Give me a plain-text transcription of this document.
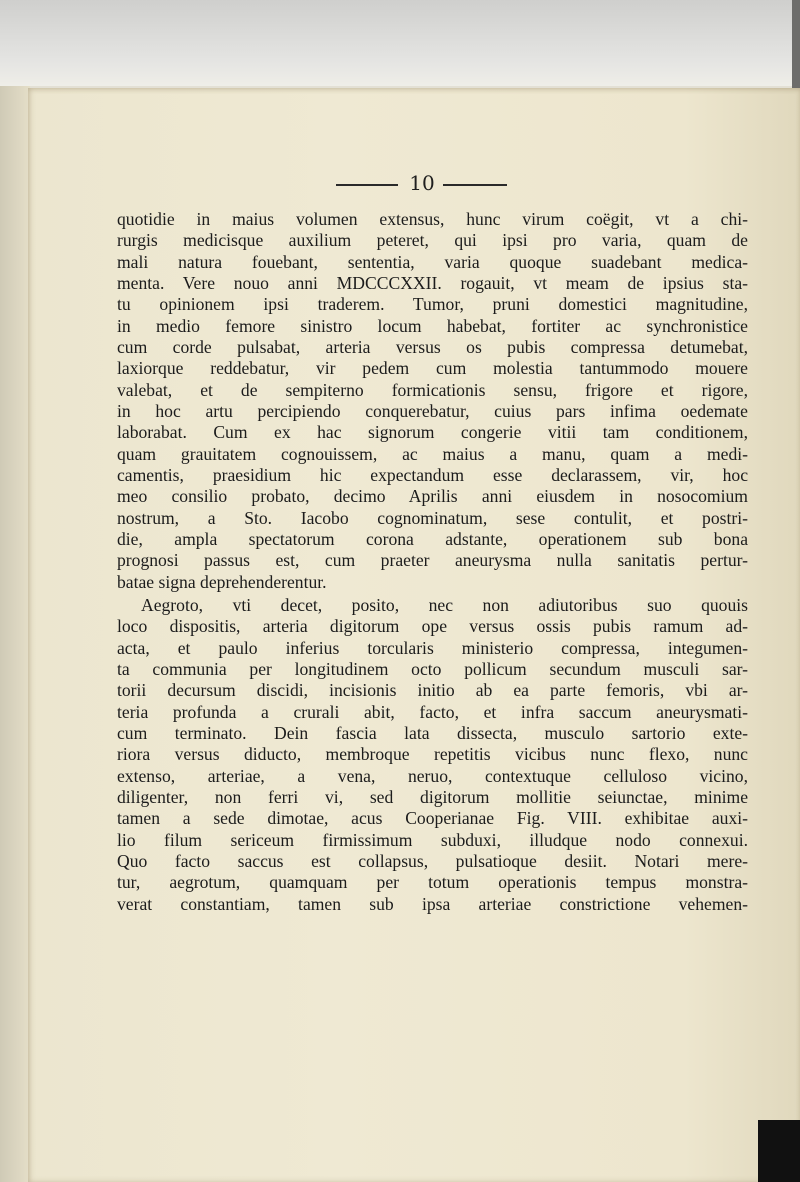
10
quotidie in maius volumen extensus, hunc virum coëgit, vt a chi-
rurgis medicisque auxilium peteret, qui ipsi pro varia, quam de
mali natura fouebant, sententia, varia quoque suadebant medica-
menta. Vere nouo anni MDCCCXXII. rogauit, vt meam de ipsius sta-
tu opinionem ipsi traderem. Tumor, pruni domestici magnitudine,
in medio femore sinistro locum habebat, fortiter ac synchronistice
cum corde pulsabat, arteria versus os pubis compressa detumebat,
laxiorque reddebatur, vir pedem cum molestia tantummodo mouere
valebat, et de sempiterno formicationis sensu, frigore et rigore,
in hoc artu percipiendo conquerebatur, cuius pars infima oedemate
laborabat. Cum ex hac signorum congerie vitii tam conditionem,
quam grauitatem cognouissem, ac maius a manu, quam a medi-
camentis, praesidium hic expectandum esse declarassem, vir, hoc
meo consilio probato, decimo Aprilis anni eiusdem in nosocomium
nostrum, a Sto. Iacobo cognominatum, sese contulit, et postri-
die, ampla spectatorum corona adstante, operationem sub bona
prognosi passus est, cum praeter aneurysma nulla sanitatis pertur-
batae signa deprehenderentur.
Aegroto, vti decet, posito, nec non adiutoribus suo quouis
loco dispositis, arteria digitorum ope versus ossis pubis ramum ad-
acta, et paulo inferius torcularis ministerio compressa, integumen-
ta communia per longitudinem octo pollicum secundum musculi sar-
torii decursum discidi, incisionis initio ab ea parte femoris, vbi ar-
teria profunda a crurali abit, facto, et infra saccum aneurysmati-
cum terminato. Dein fascia lata dissecta, musculo sartorio exte-
riora versus diducto, membroque repetitis vicibus nunc flexo, nunc
extenso, arteriae, a vena, neruo, contextuque celluloso vicino,
diligenter, non ferri vi, sed digitorum mollitie seiunctae, minime
tamen a sede dimotae, acus Cooperianae Fig. VIII. exhibitae auxi-
lio filum sericeum firmissimum subduxi, illudque nodo connexui.
Quo facto saccus est collapsus, pulsatioque desiit. Notari mere-
tur, aegrotum, quamquam per totum operationis tempus monstra-
verat constantiam, tamen sub ipsa arteriae constrictione vehemen-
